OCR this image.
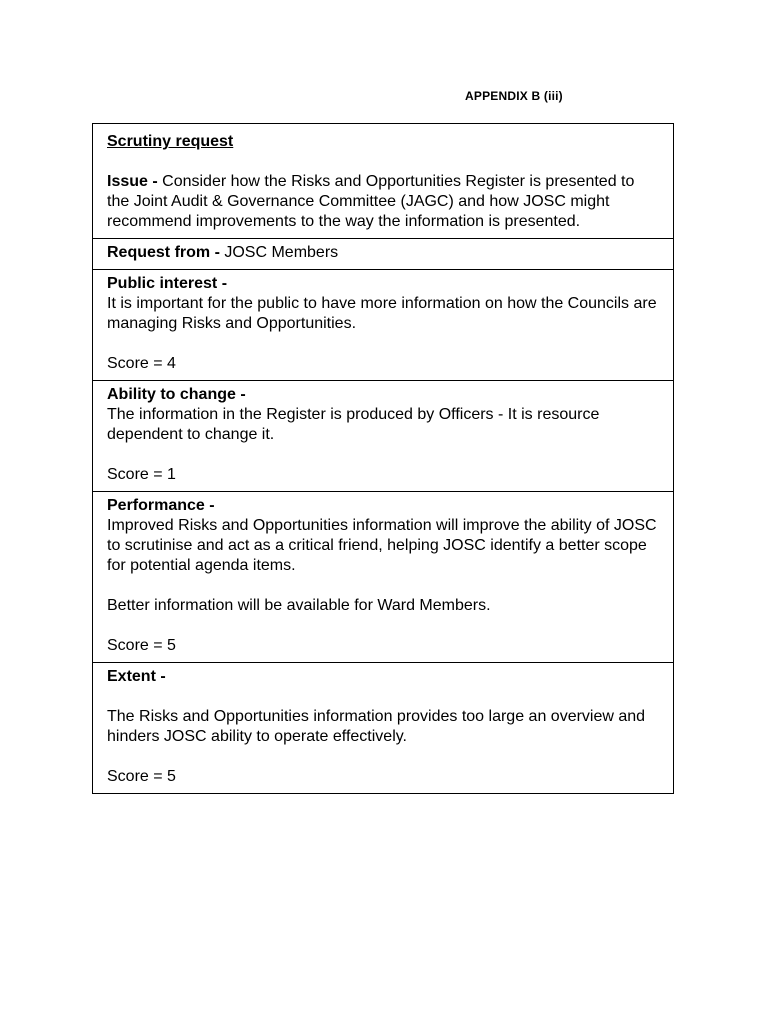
APPENDIX B (iii)
Scrutiny request

Issue - Consider how the Risks and Opportunities Register is presented to the Joint Audit & Governance Committee (JAGC) and how JOSC might recommend improvements to the way the information is presented.

Request from - JOSC Members

Public interest -

It is important for the public to have more information on how the Councils are managing Risks and Opportunities.

Score = 4

Ability to change -

The information in the Register is produced by Officers - It is resource dependent to change it.

Score = 1

Performance -

Improved Risks and Opportunities information will improve the ability of JOSC to scrutinise and act as a critical friend, helping JOSC identify a better scope for potential agenda items.

Better information will be available for Ward Members.

Score = 5

Extent -

The Risks and Opportunities information provides too large an overview and hinders JOSC ability to operate effectively.

Score = 5
